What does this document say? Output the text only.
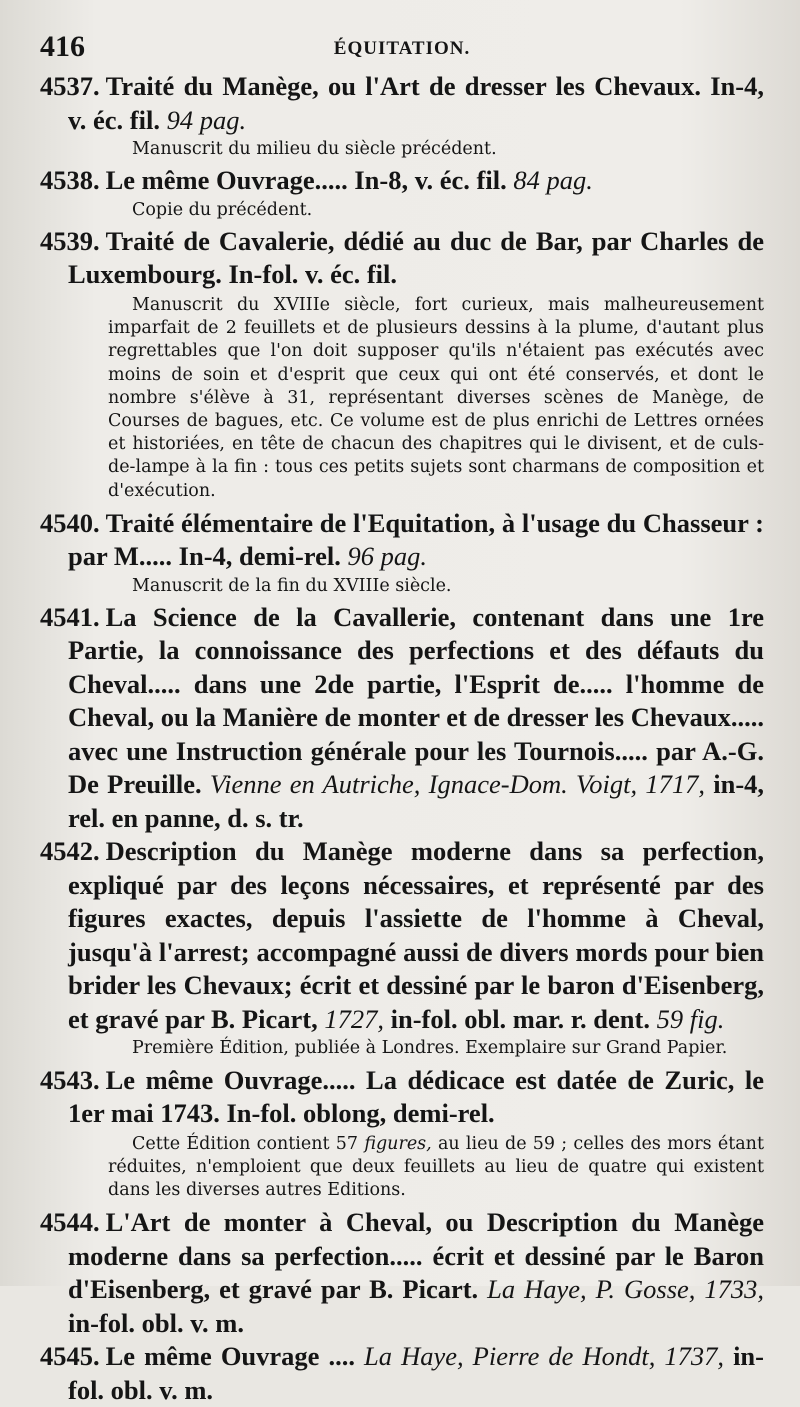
416	ÉQUITATION.

4537. Traité du Manège, ou l'Art de dresser les Chevaux. In-4, v. éc. fil. 94 pag.

Manuscrit du milieu du siècle précédent.

4538. Le même Ouvrage..... In-8, v. éc. fil. 84 pag.

Copie du précédent.

4539. Traité de Cavalerie, dédié au duc de Bar, par Charles de Luxembourg. In-fol. v. éc. fil.

Manuscrit du XVIIIe siècle, fort curieux, mais malheureusement imparfait de 2 feuillets et de plusieurs dessins à la plume, d'autant plus regrettables que l'on doit supposer qu'ils n'étaient pas exécutés avec moins de soin et d'esprit que ceux qui ont été conservés, et dont le nombre s'élève à 31, représentant diverses scènes de Manège, de Courses de bagues, etc. Ce volume est de plus enrichi de Lettres ornées et historiées, en tête de chacun des chapitres qui le divisent, et de culs-de-lampe à la fin : tous ces petits sujets sont charmans de composition et d'exécution.

4540. Traité élémentaire de l'Equitation, à l'usage du Chasseur : par M..... In-4, demi-rel. 96 pag.

Manuscrit de la fin du XVIIIe siècle.

4541. La Science de la Cavallerie, contenant dans une 1re Partie, la connoissance des perfections et des défauts du Cheval..... dans une 2de partie, l'Esprit de..... l'homme de Cheval, ou la Manière de monter et de dresser les Chevaux..... avec une Instruction générale pour les Tournois..... par A.-G. De Preuille. Vienne en Autriche, Ignace-Dom. Voigt, 1717, in-4, rel. en panne, d. s. tr.

4542. Description du Manège moderne dans sa perfection, expliqué par des leçons nécessaires, et représenté par des figures exactes, depuis l'assiette de l'homme à Cheval, jusqu'à l'arrest; accompagné aussi de divers mords pour bien brider les Chevaux; écrit et dessiné par le baron d'Eisenberg, et gravé par B. Picart, 1727, in-fol. obl. mar. r. dent. 59 fig.

Première Édition, publiée à Londres. Exemplaire sur Grand Papier.

4543. Le même Ouvrage..... La dédicace est datée de Zuric, le 1er mai 1743. In-fol. oblong, demi-rel.

Cette Édition contient 57 figures, au lieu de 59 ; celles des mors étant réduites, n'emploient que deux feuillets au lieu de quatre qui existent dans les diverses autres Editions.

4544. L'Art de monter à Cheval, ou Description du Manège moderne dans sa perfection..... écrit et dessiné par le Baron d'Eisenberg, et gravé par B. Picart. La Haye, P. Gosse, 1733, in-fol. obl. v. m.

4545. Le même Ouvrage .... La Haye, Pierre de Hondt, 1737, in-fol. obl. v. m.
